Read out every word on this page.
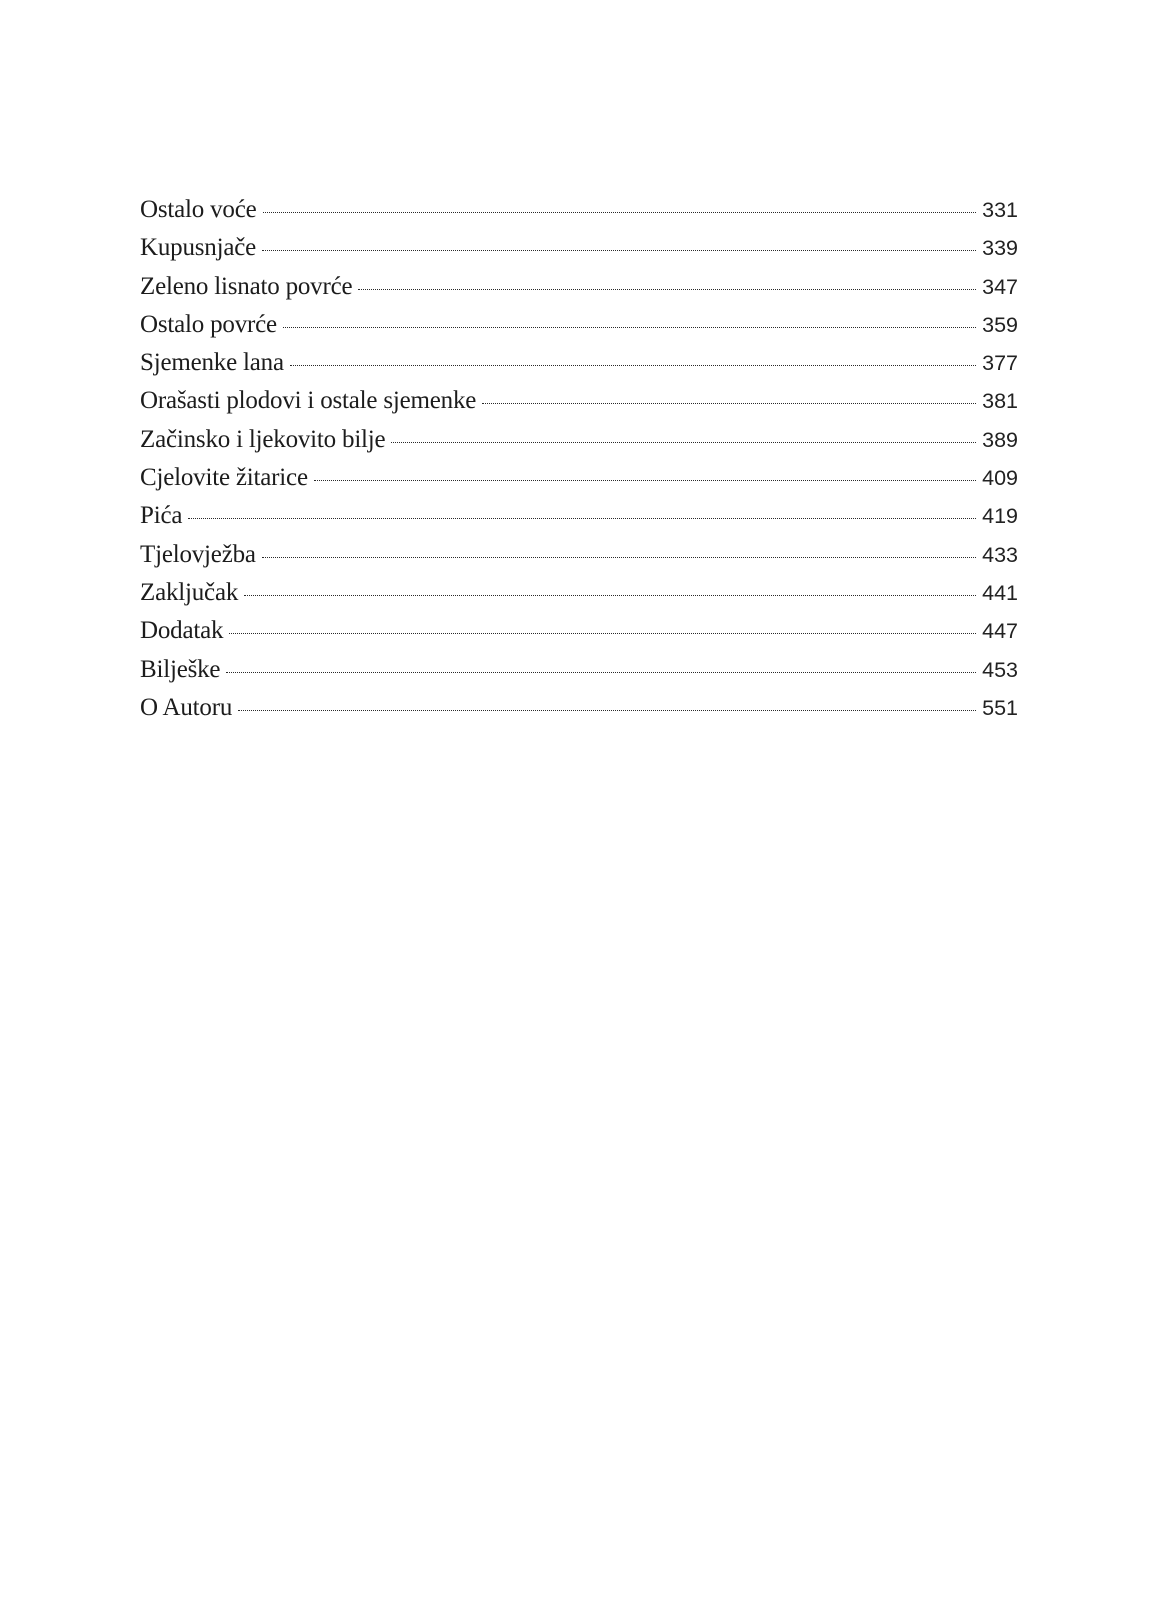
Ostalo voće	331
Kupusnjače	339
Zeleno lisnato povrće	347
Ostalo povrće	359
Sjemenke lana	377
Orašasti plodovi i ostale sjemenke	381
Začinsko i ljekovito bilje	389
Cjelovite žitarice	409
Pića	419
Tjelovježba	433
Zaključak	441
Dodatak	447
Bilješke	453
O Autoru	551
